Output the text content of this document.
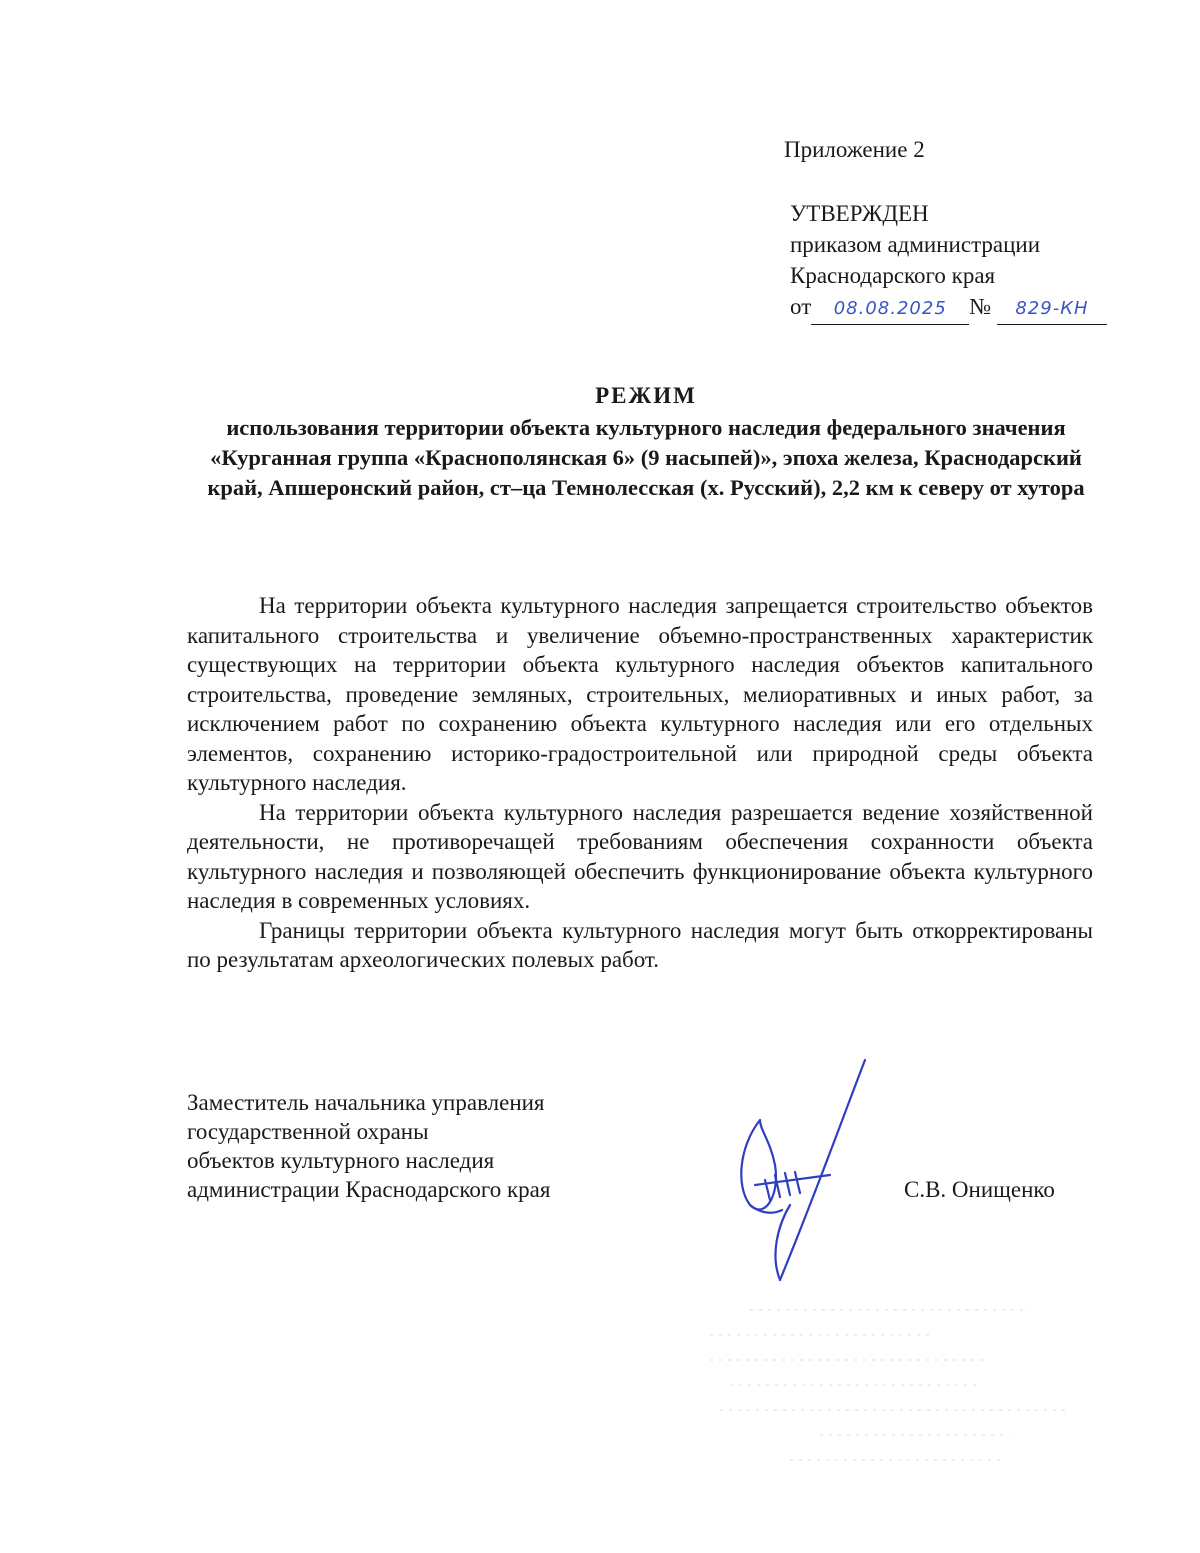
Приложение 2
УТВЕРЖДЕН
приказом администрации
Краснодарского края
от 08.08.2025 № 829-КН
РЕЖИМ
использования территории объекта культурного наследия федерального значения «Курганная группа «Краснополянская 6» (9 насыпей)», эпоха железа, Краснодарский край, Апшеронский район, ст–ца Темнолесская (х. Русский), 2,2 км к северу от хутора

На территории объекта культурного наследия запрещается строительство объектов капитального строительства и увеличение объемно-пространственных характеристик существующих на территории объекта культурного наследия объектов капитального строительства, проведение земляных, строительных, мелиоративных и иных работ, за исключением работ по сохранению объекта культурного наследия или его отдельных элементов, сохранению историко-градостроительной или природной среды объекта культурного наследия.

На территории объекта культурного наследия разрешается ведение хозяйственной деятельности, не противоречащей требованиям обеспечения сохранности объекта культурного наследия и позволяющей обеспечить функционирование объекта культурного наследия в современных условиях.

Границы территории объекта культурного наследия могут быть откорректированы по результатам археологических полевых работ.

Заместитель начальника управления
государственной охраны
объектов культурного наследия
администрации Краснодарского края	С.В. Онищенко
